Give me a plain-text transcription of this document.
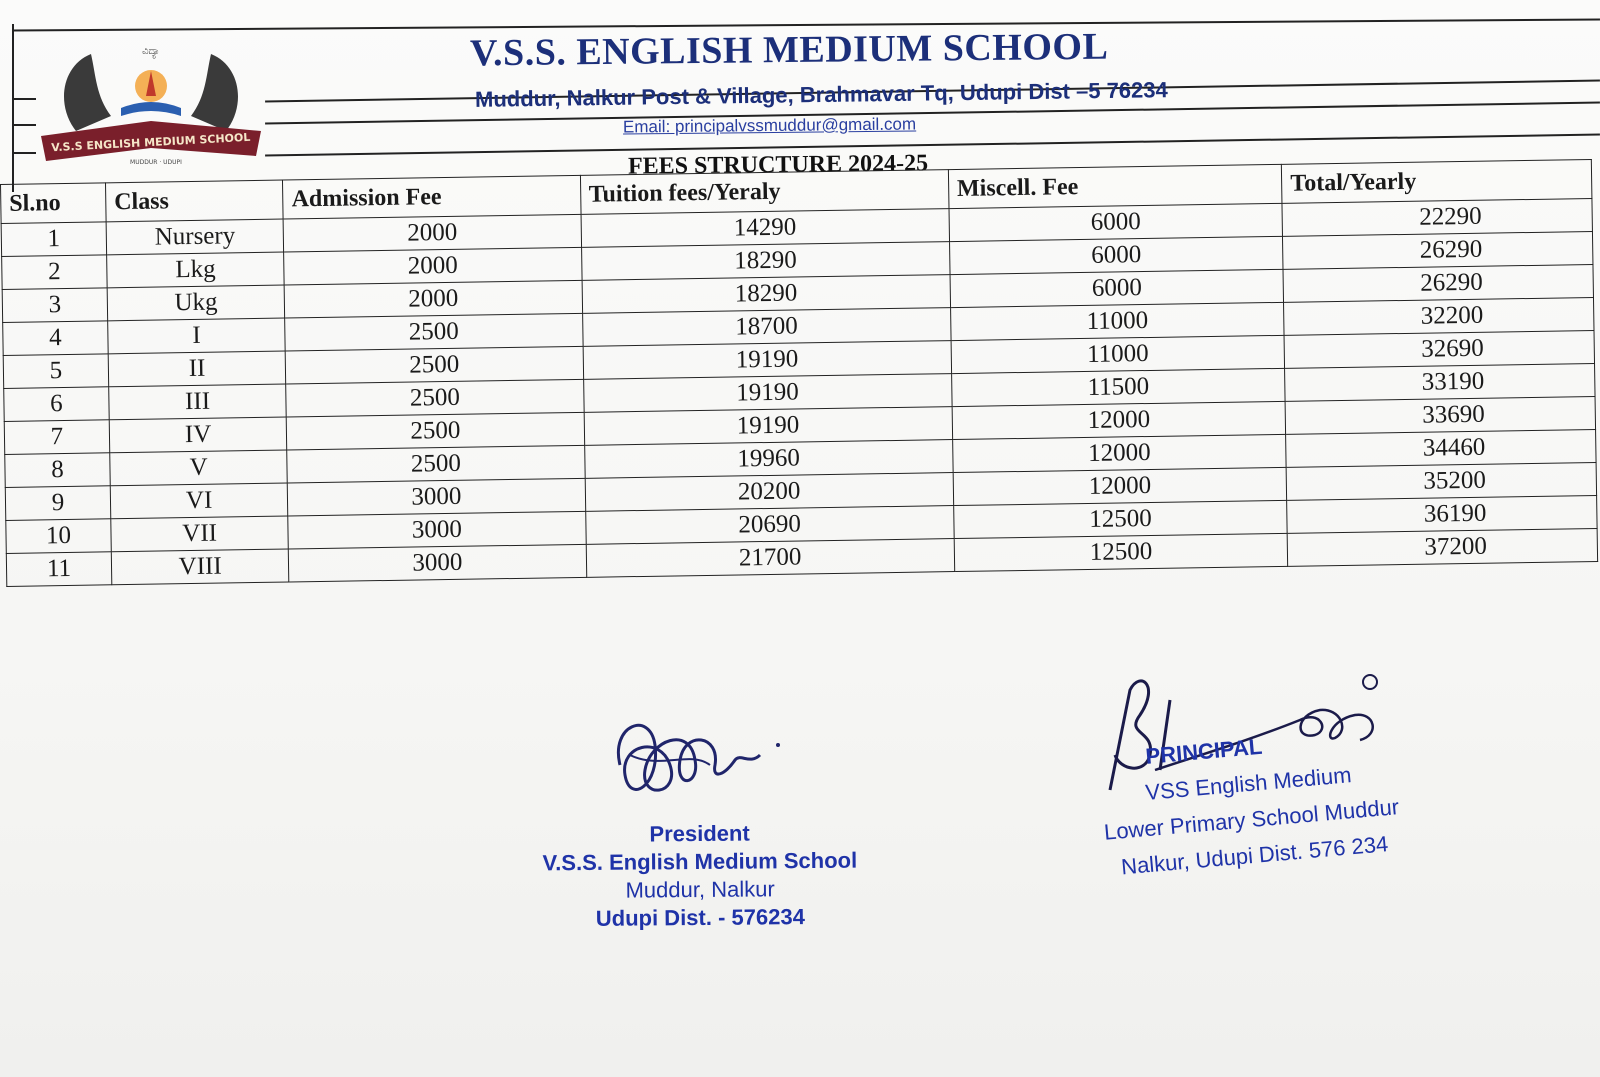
ವಿದ್ಯಾ
V.S.S ENGLISH MEDIUM SCHOOL
MUDDUR · UDUPI
V.S.S. ENGLISH MEDIUM SCHOOL
Muddur, Nalkur Post & Village, Brahmavar Tq, Udupi Dist –5 76234
Email: principalvssmuddur@gmail.com
FEES STRUCTURE 2024-25
Sl.no	Class	Admission Fee	Tuition fees/Yeraly	Miscell. Fee	Total/Yearly
1	Nursery	2000	14290	6000	22290
2	Lkg	2000	18290	6000	26290
3	Ukg	2000	18290	6000	26290
4	I	2500	18700	11000	32200
5	II	2500	19190	11000	32690
6	III	2500	19190	11500	33190
7	IV	2500	19190	12000	33690
8	V	2500	19960	12000	34460
9	VI	3000	20200	12000	35200
10	VII	3000	20690	12500	36190
11	VIII	3000	21700	12500	37200
President
V.S.S. English Medium School
Muddur, Nalkur
Udupi Dist. - 576234
PRINCIPAL
VSS English Medium
Lower Primary School Muddur
Nalkur, Udupi Dist. 576 234
